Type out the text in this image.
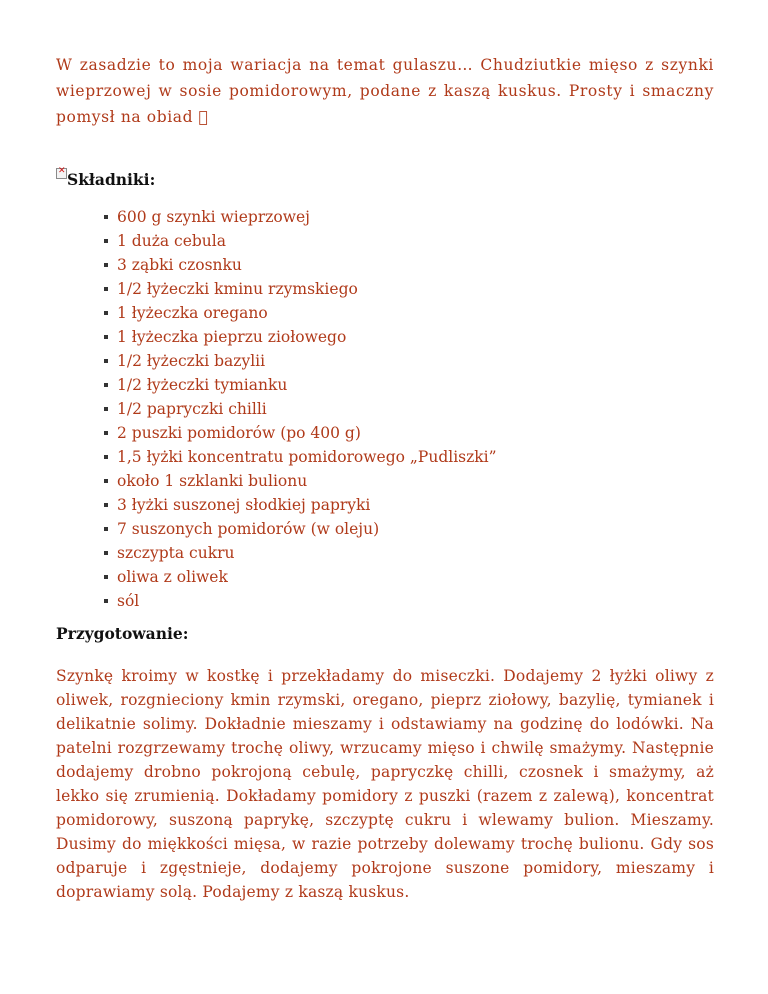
W zasadzie to moja wariacja na temat gulaszu… Chudziutkie mięso z szynki wieprzowej w sosie pomidorowym, podane z kaszą kuskus. Prosty i smaczny pomysł na obiad

✕
Składniki:
600 g szynki wieprzowej
1 duża cebula
3 ząbki czosnku
1/2 łyżeczki kminu rzymskiego
1 łyżeczka oregano
1 łyżeczka pieprzu ziołowego
1/2 łyżeczki bazylii
1/2 łyżeczki tymianku
1/2 papryczki chilli
2 puszki pomidorów (po 400 g)
1,5 łyżki koncentratu pomidorowego „Pudliszki”
około 1 szklanki bulionu
3 łyżki suszonej słodkiej papryki
7 suszonych pomidorów (w oleju)
szczypta cukru
oliwa z oliwek
sól
Przygotowanie:

Szynkę kroimy w kostkę i przekładamy do miseczki. Dodajemy 2 łyżki oliwy z oliwek, rozgnieciony kmin rzymski, oregano, pieprz ziołowy, bazylię, tymianek i delikatnie solimy. Dokładnie mieszamy i odstawiamy na godzinę do lodówki. Na patelni rozgrzewamy trochę oliwy, wrzucamy mięso i chwilę smażymy. Następnie dodajemy drobno pokrojoną cebulę, papryczkę chilli, czosnek i smażymy, aż lekko się zrumienią. Dokładamy pomidory z puszki (razem z zalewą), koncentrat pomidorowy, suszoną paprykę, szczyptę cukru i wlewamy bulion. Mieszamy. Dusimy do miękkości mięsa, w razie potrzeby dolewamy trochę bulionu. Gdy sos odparuje i zgęstnieje, dodajemy pokrojone suszone pomidory, mieszamy i doprawiamy solą. Podajemy z kaszą kuskus.
